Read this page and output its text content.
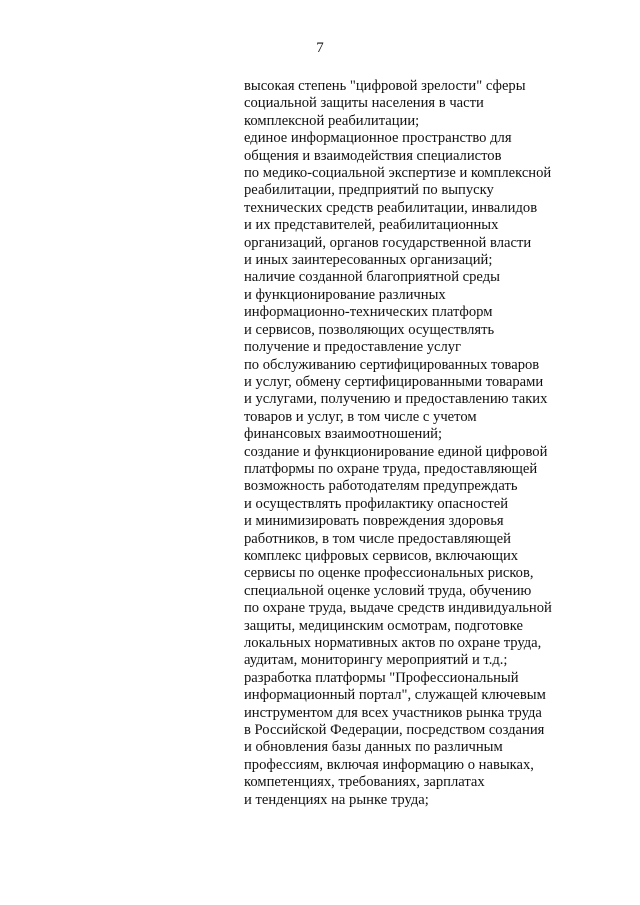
7
высокая степень "цифровой зрелости" сферы
социальной защиты населения в части
комплексной реабилитации;
единое информационное пространство для
общения и взаимодействия специалистов
по медико-социальной экспертизе и комплексной
реабилитации, предприятий по выпуску
технических средств реабилитации, инвалидов
и их представителей, реабилитационных
организаций, органов государственной власти
и иных заинтересованных организаций;
наличие созданной благоприятной среды
и функционирование различных
информационно-технических платформ
и сервисов, позволяющих осуществлять
получение и предоставление услуг
по обслуживанию сертифицированных товаров
и услуг, обмену сертифицированными товарами
и услугами, получению и предоставлению таких
товаров и услуг, в том числе с учетом
финансовых взаимоотношений;
создание и функционирование единой цифровой
платформы по охране труда, предоставляющей
возможность работодателям предупреждать
и осуществлять профилактику опасностей
и минимизировать повреждения здоровья
работников, в том числе предоставляющей
комплекс цифровых сервисов, включающих
сервисы по оценке профессиональных рисков,
специальной оценке условий труда, обучению
по охране труда, выдаче средств индивидуальной
защиты, медицинским осмотрам, подготовке
локальных нормативных актов по охране труда,
аудитам, мониторингу мероприятий и т.д.;
разработка платформы "Профессиональный
информационный портал", служащей ключевым
инструментом для всех участников рынка труда
в Российской Федерации, посредством создания
и обновления базы данных по различным
профессиям, включая информацию о навыках,
компетенциях, требованиях, зарплатах
и тенденциях на рынке труда;
